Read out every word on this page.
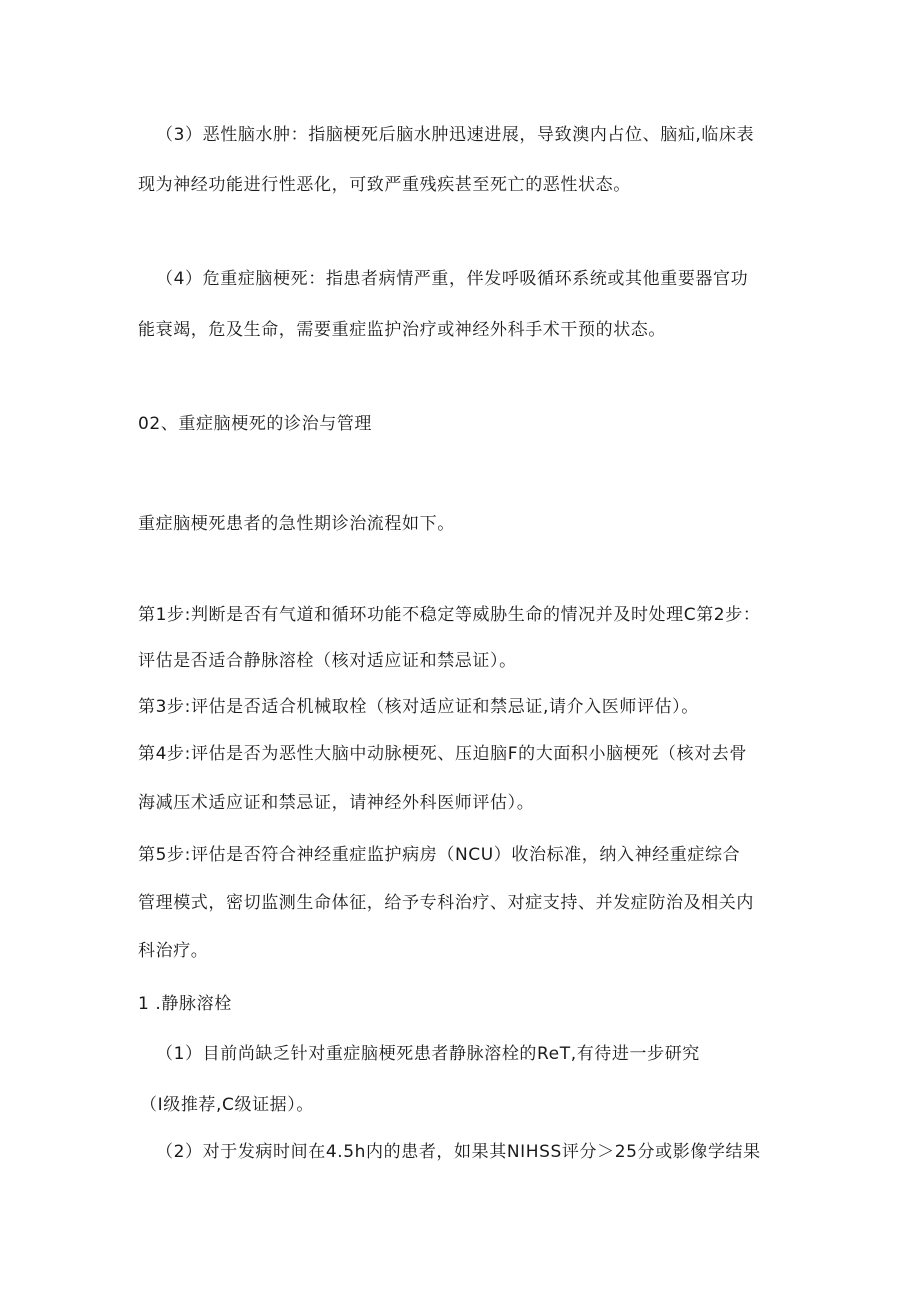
（3）恶性脑水肿：指脑梗死后脑水肿迅速进展，导致澳内占位、脑疝,临床表
现为神经功能进行性恶化，可致严重残疾甚至死亡的恶性状态。
（4）危重症脑梗死：指患者病情严重，伴发呼吸循环系统或其他重要器官功
能衰竭，危及生命，需要重症监护治疗或神经外科手术干预的状态。
02、重症脑梗死的诊治与管理
重症脑梗死患者的急性期诊治流程如下。
第1步:判断是否有气道和循环功能不稳定等威胁生命的情况并及时处理C第2步：
评估是否适合静脉溶栓（核对适应证和禁忌证）。
第3步:评估是否适合机械取栓（核对适应证和禁忌证,请介入医师评估）。
第4步:评估是否为恶性大脑中动脉梗死、压迫脑F的大面积小脑梗死（核对去骨
海减压术适应证和禁忌证，请神经外科医师评估）。
第5步:评估是否符合神经重症监护病房（NCU）收治标准，纳入神经重症综合
管理模式，密切监测生命体征，给予专科治疗、对症支持、并发症防治及相关内
科治疗。
1 .静脉溶栓
（1）目前尚缺乏针对重症脑梗死患者静脉溶栓的ReT,有待进一步研究
（I级推荐,C级证据）。
（2）对于发病时间在4.5h内的患者，如果其NIHSS评分＞25分或影像学结果
